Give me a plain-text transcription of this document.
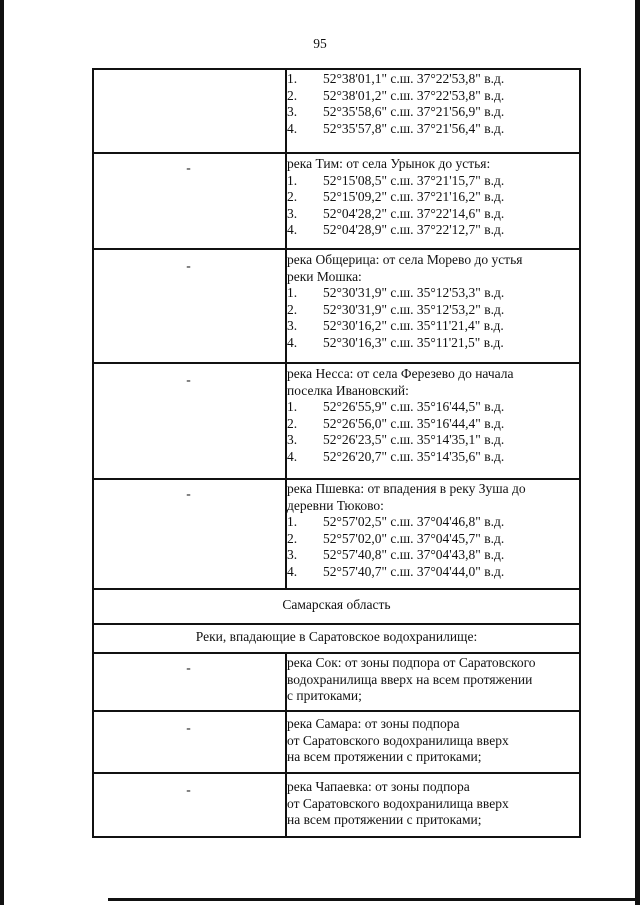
95
1.	52°38'01,1" с.ш. 37°22'53,8" в.д.
2.	52°38'01,2" с.ш. 37°22'53,8" в.д.
3.	52°35'58,6" с.ш. 37°21'56,9" в.д.
4.	52°35'57,8" с.ш. 37°21'56,4" в.д.
-	река Тим: от села Урынок до устья:
1.	52°15'08,5" с.ш. 37°21'15,7" в.д.
2.	52°15'09,2" с.ш. 37°21'16,2" в.д.
3.	52°04'28,2" с.ш. 37°22'14,6" в.д.
4.	52°04'28,9" с.ш. 37°22'12,7" в.д.
-	река Общерица: от села Морево до устья
реки Мошка:
1.	52°30'31,9" с.ш. 35°12'53,3" в.д.
2.	52°30'31,9" с.ш. 35°12'53,2" в.д.
3.	52°30'16,2" с.ш. 35°11'21,4" в.д.
4.	52°30'16,3" с.ш. 35°11'21,5" в.д.
-	река Несса: от села Ферезево до начала
поселка Ивановский:
1.	52°26'55,9" с.ш. 35°16'44,5" в.д.
2.	52°26'56,0" с.ш. 35°16'44,4" в.д.
3.	52°26'23,5" с.ш. 35°14'35,1" в.д.
4.	52°26'20,7" с.ш. 35°14'35,6" в.д.
-	река Пшевка: от впадения в реку Зуша до
деревни Тюково:
1.	52°57'02,5" с.ш. 37°04'46,8" в.д.
2.	52°57'02,0" с.ш. 37°04'45,7" в.д.
3.	52°57'40,8" с.ш. 37°04'43,8" в.д.
4.	52°57'40,7" с.ш. 37°04'44,0" в.д.
Самарская область
Реки, впадающие в Саратовское водохранилище:
-	река Сок: от зоны подпора от Саратовского
водохранилища вверх на всем протяжении
с притоками;
-	река Самара: от зоны подпора
от Саратовского водохранилища вверх
на всем протяжении с притоками;
-	река Чапаевка: от зоны подпора
от Саратовского водохранилища вверх
на всем протяжении с притоками;
